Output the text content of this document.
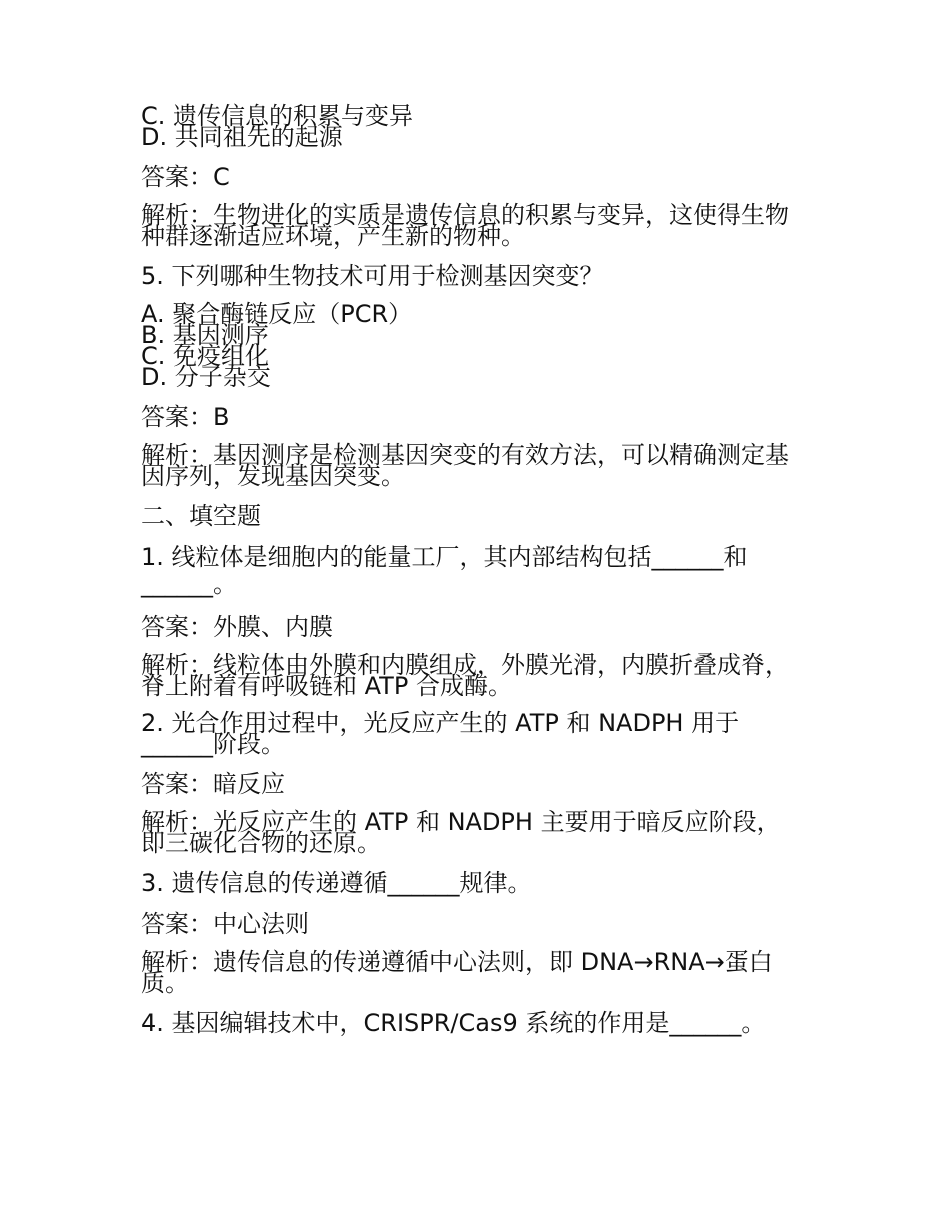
C. 遗传信息的积累与变异
D. 共同祖先的起源
答案：C
解析：生物进化的实质是遗传信息的积累与变异，这使得生物
种群逐渐适应环境，产生新的物种。
5. 下列哪种生物技术可用于检测基因突变？
A. 聚合酶链反应（PCR）
B. 基因测序
C. 免疫组化
D. 分子杂交
答案：B
解析：基因测序是检测基因突变的有效方法，可以精确测定基
因序列，发现基因突变。
二、填空题
1. 线粒体是细胞内的能量工厂，其内部结构包括______和
______。
答案：外膜、内膜
解析：线粒体由外膜和内膜组成，外膜光滑，内膜折叠成脊，
脊上附着有呼吸链和 ATP 合成酶。
2. 光合作用过程中，光反应产生的 ATP 和 NADPH 用于
______阶段。
答案：暗反应
解析：光反应产生的 ATP 和 NADPH 主要用于暗反应阶段，
即三碳化合物的还原。
3. 遗传信息的传递遵循______规律。
答案：中心法则
解析：遗传信息的传递遵循中心法则，即 DNA→RNA→蛋白
质。
4. 基因编辑技术中，CRISPR/Cas9 系统的作用是______。
